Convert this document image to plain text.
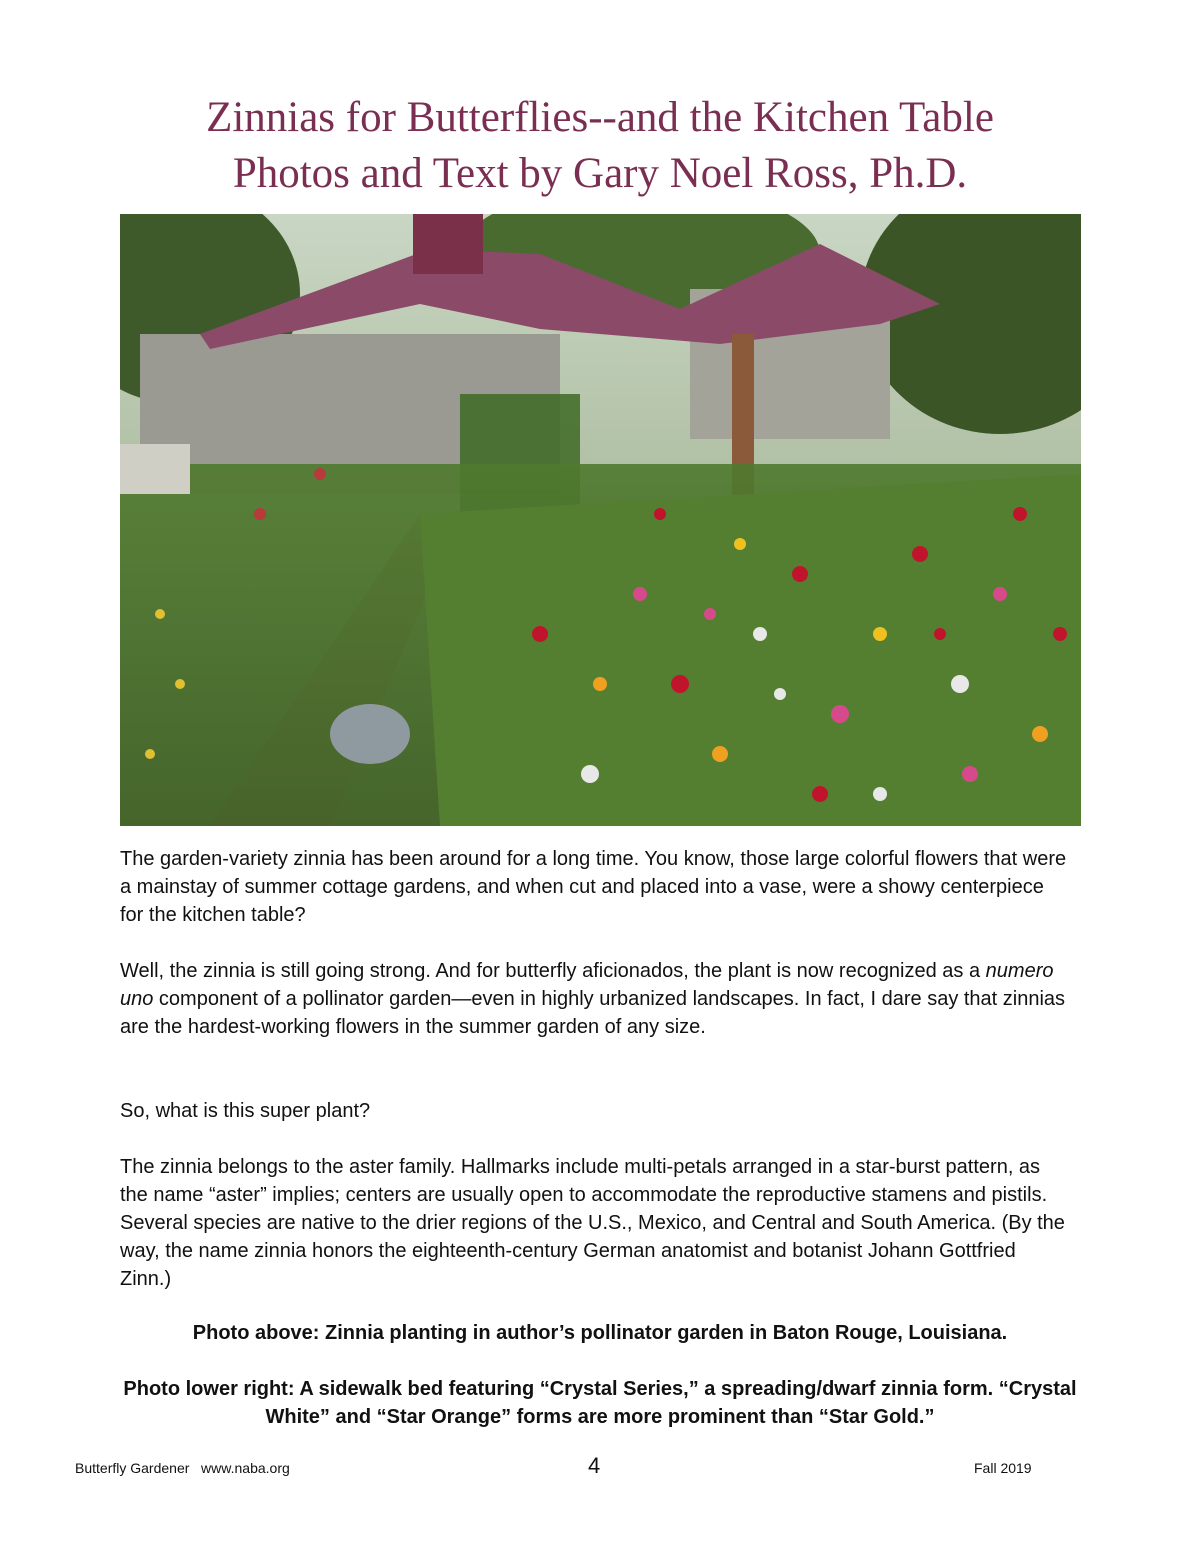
Zinnias for Butterflies--and the Kitchen Table
Photos and Text by Gary Noel Ross, Ph.D.

The garden-variety zinnia has been around for a long time. You know, those large colorful flowers that were a mainstay of summer cottage gardens, and when cut and placed into a vase, were a showy centerpiece for the kitchen table?

Well, the zinnia is still going strong. And for butterfly aficionados, the plant is now recognized as a numero uno component of a pollinator garden—even in highly urbanized landscapes. In fact, I dare say that zinnias are the hardest-working flowers in the summer garden of any size.

So, what is this super plant?

The zinnia belongs to the aster family. Hallmarks include multi-petals arranged in a star-burst pattern, as the name “aster” implies; centers are usually open to accommodate the reproductive stamens and pistils. Several species are native to the drier regions of the U.S., Mexico, and Central and South America. (By the way, the name zinnia honors the eighteenth-century German anatomist and botanist Johann Gottfried Zinn.)

Photo above: Zinnia planting in author’s pollinator garden in Baton Rouge, Louisiana.

Photo lower right: A sidewalk bed featuring “Crystal Series,” a spreading/dwarf zinnia form. “Crystal White” and “Star Orange” forms are more prominent than “Star Gold.”

Butterfly Gardener   www.naba.org	4	Fall 2019
